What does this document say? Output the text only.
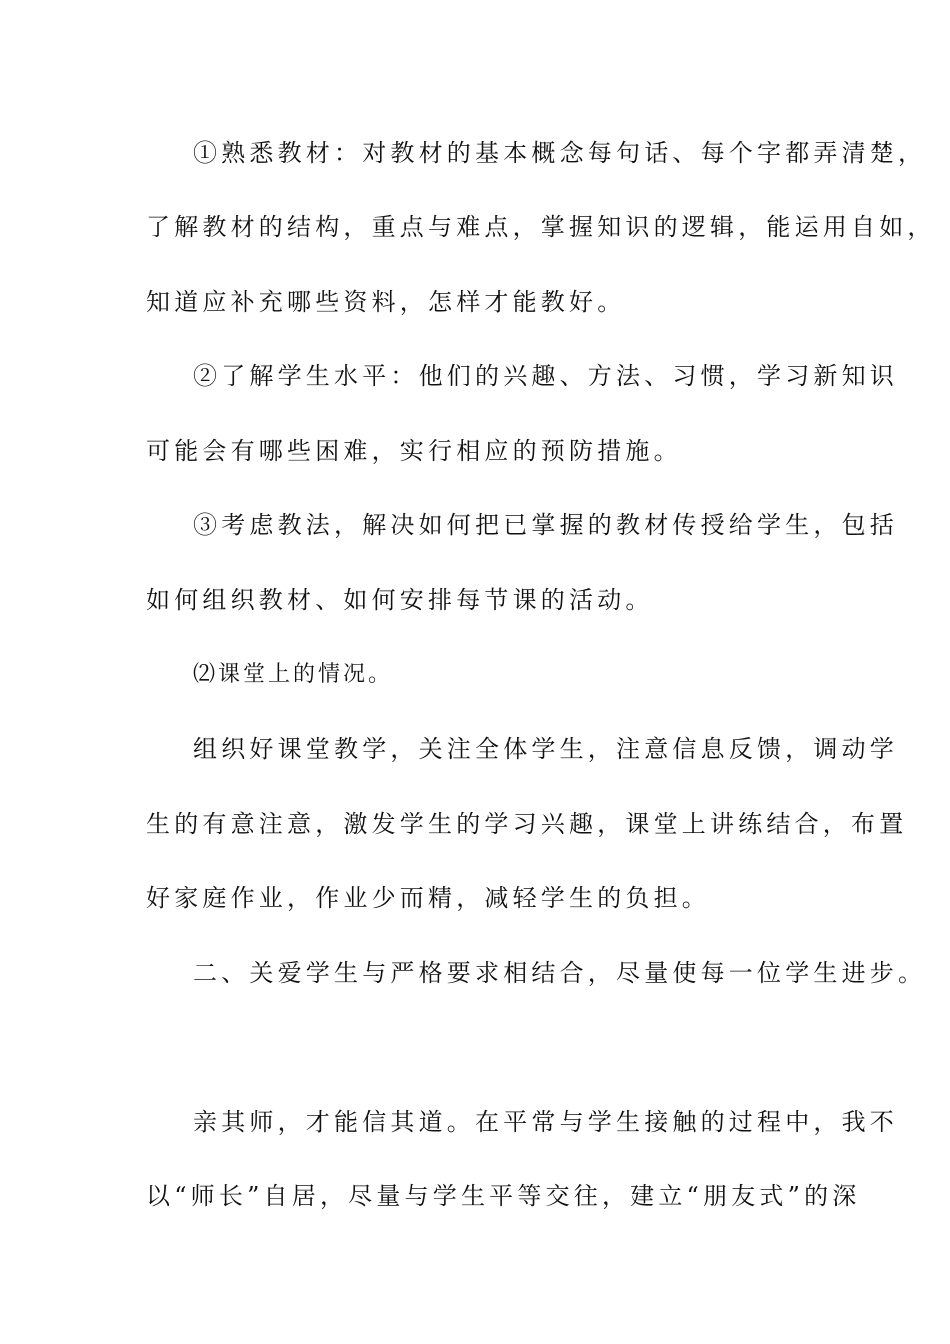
①熟悉教材：对教材的基本概念每句话、每个字都弄清楚，
了解教材的结构，重点与难点，掌握知识的逻辑，能运用自如，
知道应补充哪些资料，怎样才能教好。
②了解学生水平：他们的兴趣、方法、习惯，学习新知识
可能会有哪些困难，实行相应的预防措施。
③考虑教法，解决如何把已掌握的教材传授给学生，包括
如何组织教材、如何安排每节课的活动。
⑵课堂上的情况。
组织好课堂教学，关注全体学生，注意信息反馈，调动学
生的有意注意，激发学生的学习兴趣，课堂上讲练结合，布置
好家庭作业，作业少而精，减轻学生的负担。
二、关爱学生与严格要求相结合，尽量使每一位学生进步。
亲其师，才能信其道。在平常与学生接触的过程中，我不
以“师长”自居，尽量与学生平等交往，建立“朋友式”的深
